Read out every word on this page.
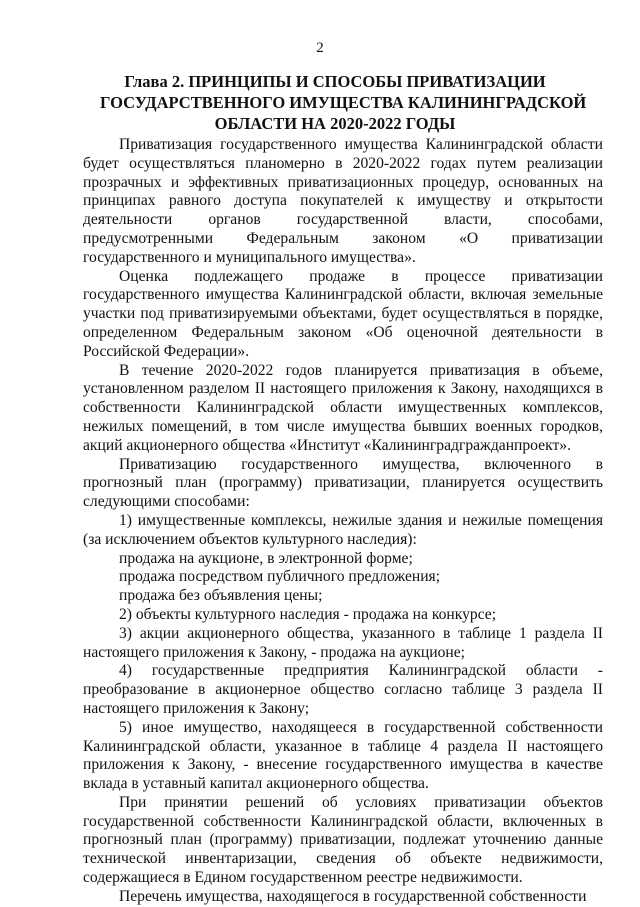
2
Глава 2. ПРИНЦИПЫ И СПОСОБЫ ПРИВАТИЗАЦИИ
ГОСУДАРСТВЕННОГО ИМУЩЕСТВА КАЛИНИНГРАДСКОЙ
ОБЛАСТИ НА 2020-2022 ГОДЫ

Приватизация государственного имущества Калининградской области будет осуществляться планомерно в 2020-2022 годах путем реализации прозрачных и эффективных приватизационных процедур, основанных на принципах равного доступа покупателей к имуществу и открытости деятельности органов государственной власти, способами, предусмотренными Федеральным законом «О приватизации государственного и муниципального имущества».

Оценка подлежащего продаже в процессе приватизации государственного имущества Калининградской области, включая земельные участки под приватизируемыми объектами, будет осуществляться в порядке, определенном Федеральным законом «Об оценочной деятельности в Российской Федерации».

В течение 2020-2022 годов планируется приватизация в объеме, установленном разделом II настоящего приложения к Закону, находящихся в собственности Калининградской области имущественных комплексов, нежилых помещений, в том числе имущества бывших военных городков, акций акционерного общества «Институт «Калининградгражданпроект».

Приватизацию государственного имущества, включенного в прогнозный план (программу) приватизации, планируется осуществить следующими способами:

1) имущественные комплексы, нежилые здания и нежилые помещения (за исключением объектов культурного наследия):

продажа на аукционе, в электронной форме;

продажа посредством публичного предложения;

продажа без объявления цены;

2) объекты культурного наследия - продажа на конкурсе;

3) акции акционерного общества, указанного в таблице 1 раздела II настоящего приложения к Закону, - продажа на аукционе;

4) государственные предприятия Калининградской области - преобразование в акционерное общество согласно таблице 3 раздела II настоящего приложения к Закону;

5) иное имущество, находящееся в государственной собственности Калининградской области, указанное в таблице 4 раздела II настоящего приложения к Закону, - внесение государственного имущества в качестве вклада в уставный капитал акционерного общества.

При принятии решений об условиях приватизации объектов государственной собственности Калининградской области, включенных в прогнозный план (программу) приватизации, подлежат уточнению данные технической инвентаризации, сведения об объекте недвижимости, содержащиеся в Едином государственном реестре недвижимости.

Перечень имущества, находящегося в государственной собственности
